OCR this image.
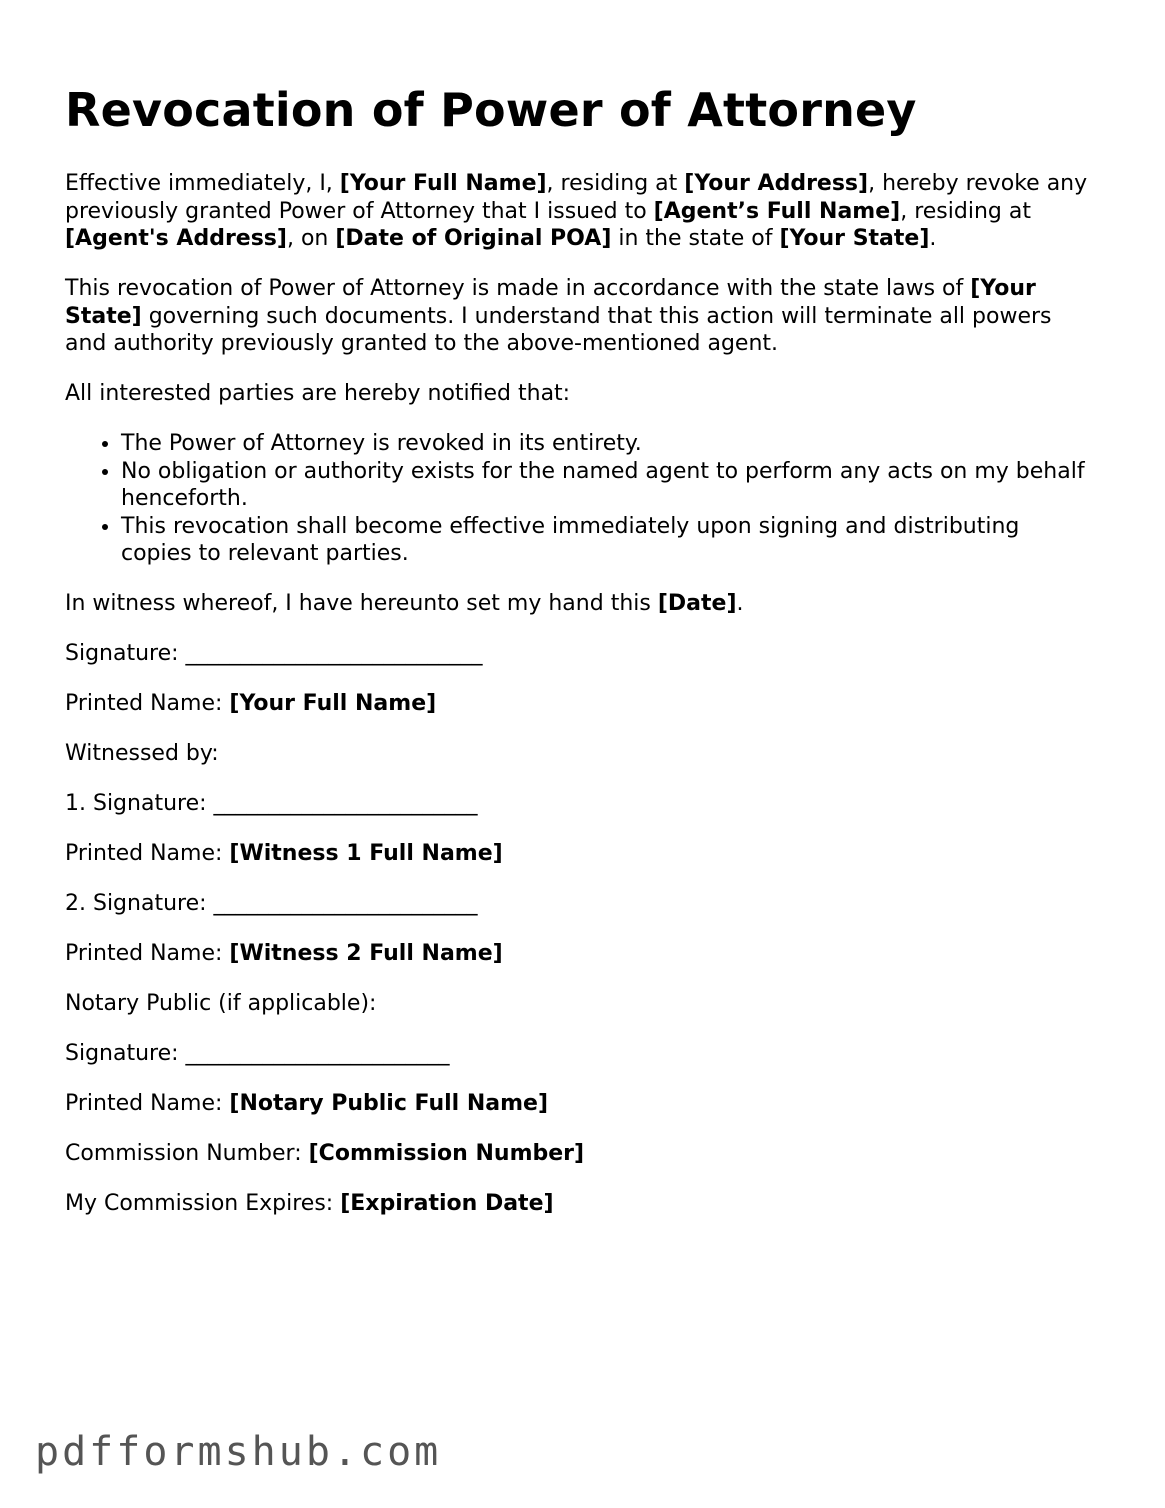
Revocation of Power of Attorney

Effective immediately, I, [Your Full Name], residing at [Your Address], hereby revoke any previously granted Power of Attorney that I issued to [Agent’s Full Name], residing at [Agent's Address], on [Date of Original POA] in the state of [Your State].

This revocation of Power of Attorney is made in accordance with the state laws of [Your State] governing such documents. I understand that this action will terminate all powers and authority previously granted to the above-mentioned agent.

All interested parties are hereby notified that:

• The Power of Attorney is revoked in its entirety.
• No obligation or authority exists for the named agent to perform any acts on my behalf henceforth.
• This revocation shall become effective immediately upon signing and distributing copies to relevant parties.

In witness whereof, I have hereunto set my hand this [Date].

Signature: ___________________________

Printed Name: [Your Full Name]

Witnessed by:

1. Signature: ________________________

Printed Name: [Witness 1 Full Name]

2. Signature: ________________________

Printed Name: [Witness 2 Full Name]

Notary Public (if applicable):

Signature: ________________________

Printed Name: [Notary Public Full Name]

Commission Number: [Commission Number]

My Commission Expires: [Expiration Date]

pdfformshub.com
